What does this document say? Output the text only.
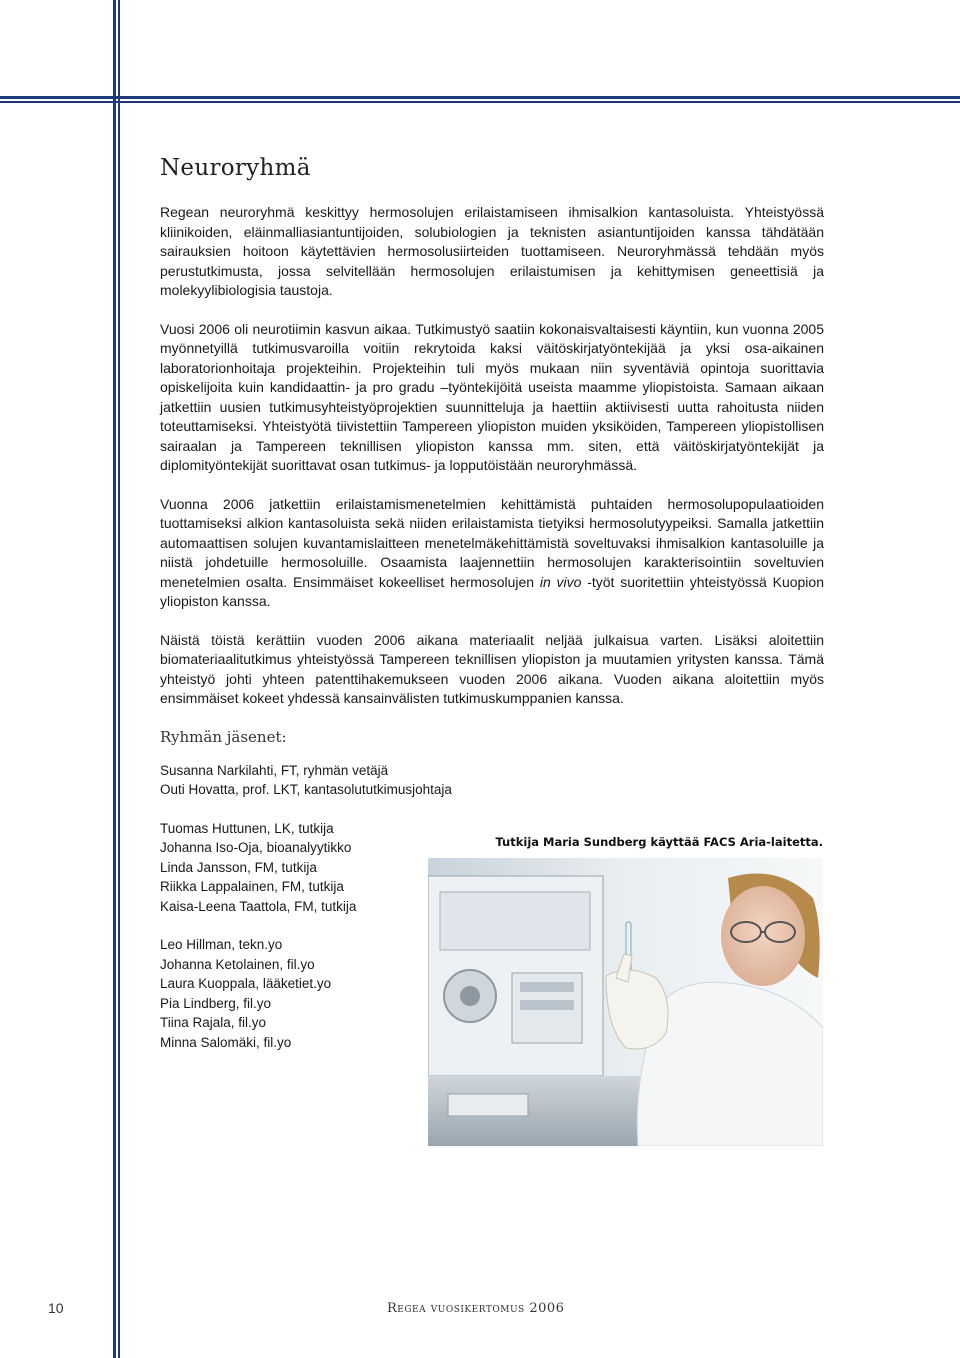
Neuroryhmä

Regean neuroryhmä keskittyy hermosolujen erilaistamiseen ihmisalkion kantasoluista. Yhteistyössä kliinikoiden, eläinmalliasiantuntijoiden, solubiologien ja teknisten asiantuntijoiden kanssa tähdätään sairauksien hoitoon käytettävien hermosolusiirteiden tuottamiseen. Neuroryhmässä tehdään myös perustutkimusta, jossa selvitellään hermosolujen erilaistumisen ja kehittymisen geneettisiä ja molekyylibiologisia taustoja.

Vuosi 2006 oli neurotiimin kasvun aikaa. Tutkimustyö saatiin kokonaisvaltaisesti käyntiin, kun vuonna 2005 myönnetyillä tutkimusvaroilla voitiin rekrytoida kaksi väitöskirjatyöntekijää ja yksi osa-aikainen laboratorionhoitaja projekteihin. Projekteihin tuli myös mukaan niin syventäviä opintoja suorittavia opiskelijoita kuin kandidaattin- ja pro gradu –työntekijöitä useista maamme yliopistoista. Samaan aikaan jatkettiin uusien tutkimusyhteistyöprojektien suunnitteluja ja haettiin aktiivisesti uutta rahoitusta niiden toteuttamiseksi. Yhteistyötä tiivistettiin Tampereen yliopiston muiden yksiköiden, Tampereen yliopistollisen sairaalan ja Tampereen teknillisen yliopiston kanssa mm. siten, että väitöskirjatyöntekijät ja diplomityöntekijät suorittavat osan tutkimus- ja lopputöistään neuroryhmässä.

Vuonna 2006 jatkettiin erilaistamismenetelmien kehittämistä puhtaiden hermosolupopulaatioiden tuottamiseksi alkion kantasoluista sekä niiden erilaistamista tietyiksi hermosolutyypeiksi. Samalla jatkettiin automaattisen solujen kuvantamislaitteen menetelmäkehittämistä soveltuvaksi ihmisalkion kantasoluille ja niistä johdetuille hermosoluille. Osaamista laajennettiin hermosolujen karakterisointiin soveltuvien menetelmien osalta. Ensimmäiset kokeelliset hermosolujen in vivo -työt suoritettiin yhteistyössä Kuopion yliopiston kanssa.

Näistä töistä kerättiin vuoden 2006 aikana materiaalit neljää julkaisua varten. Lisäksi aloitettiin biomateriaalitutkimus yhteistyössä Tampereen teknillisen yliopiston ja muutamien yritysten kanssa. Tämä yhteistyö johti yhteen patenttihakemukseen vuoden 2006 aikana. Vuoden aikana aloitettiin myös ensimmäiset kokeet yhdessä kansainvälisten tutkimuskumppanien kanssa.

Ryhmän jäsenet:
Susanna Narkilahti, FT, ryhmän vetäjä
Outi Hovatta, prof. LKT, kantasolututkimusjohtaja
Tuomas Huttunen, LK, tutkija
Johanna Iso-Oja, bioanalyytikko
Linda Jansson, FM, tutkija
Riikka Lappalainen, FM, tutkija
Kaisa-Leena Taattola, FM, tutkija
Leo Hillman, tekn.yo
Johanna Ketolainen, fil.yo
Laura Kuoppala, lääketiet.yo
Pia Lindberg, fil.yo
Tiina Rajala, fil.yo
Minna Salomäki, fil.yo
Tutkija Maria Sundberg käyttää FACS Aria-laitetta.
10	Regea vuosikertomus 2006
